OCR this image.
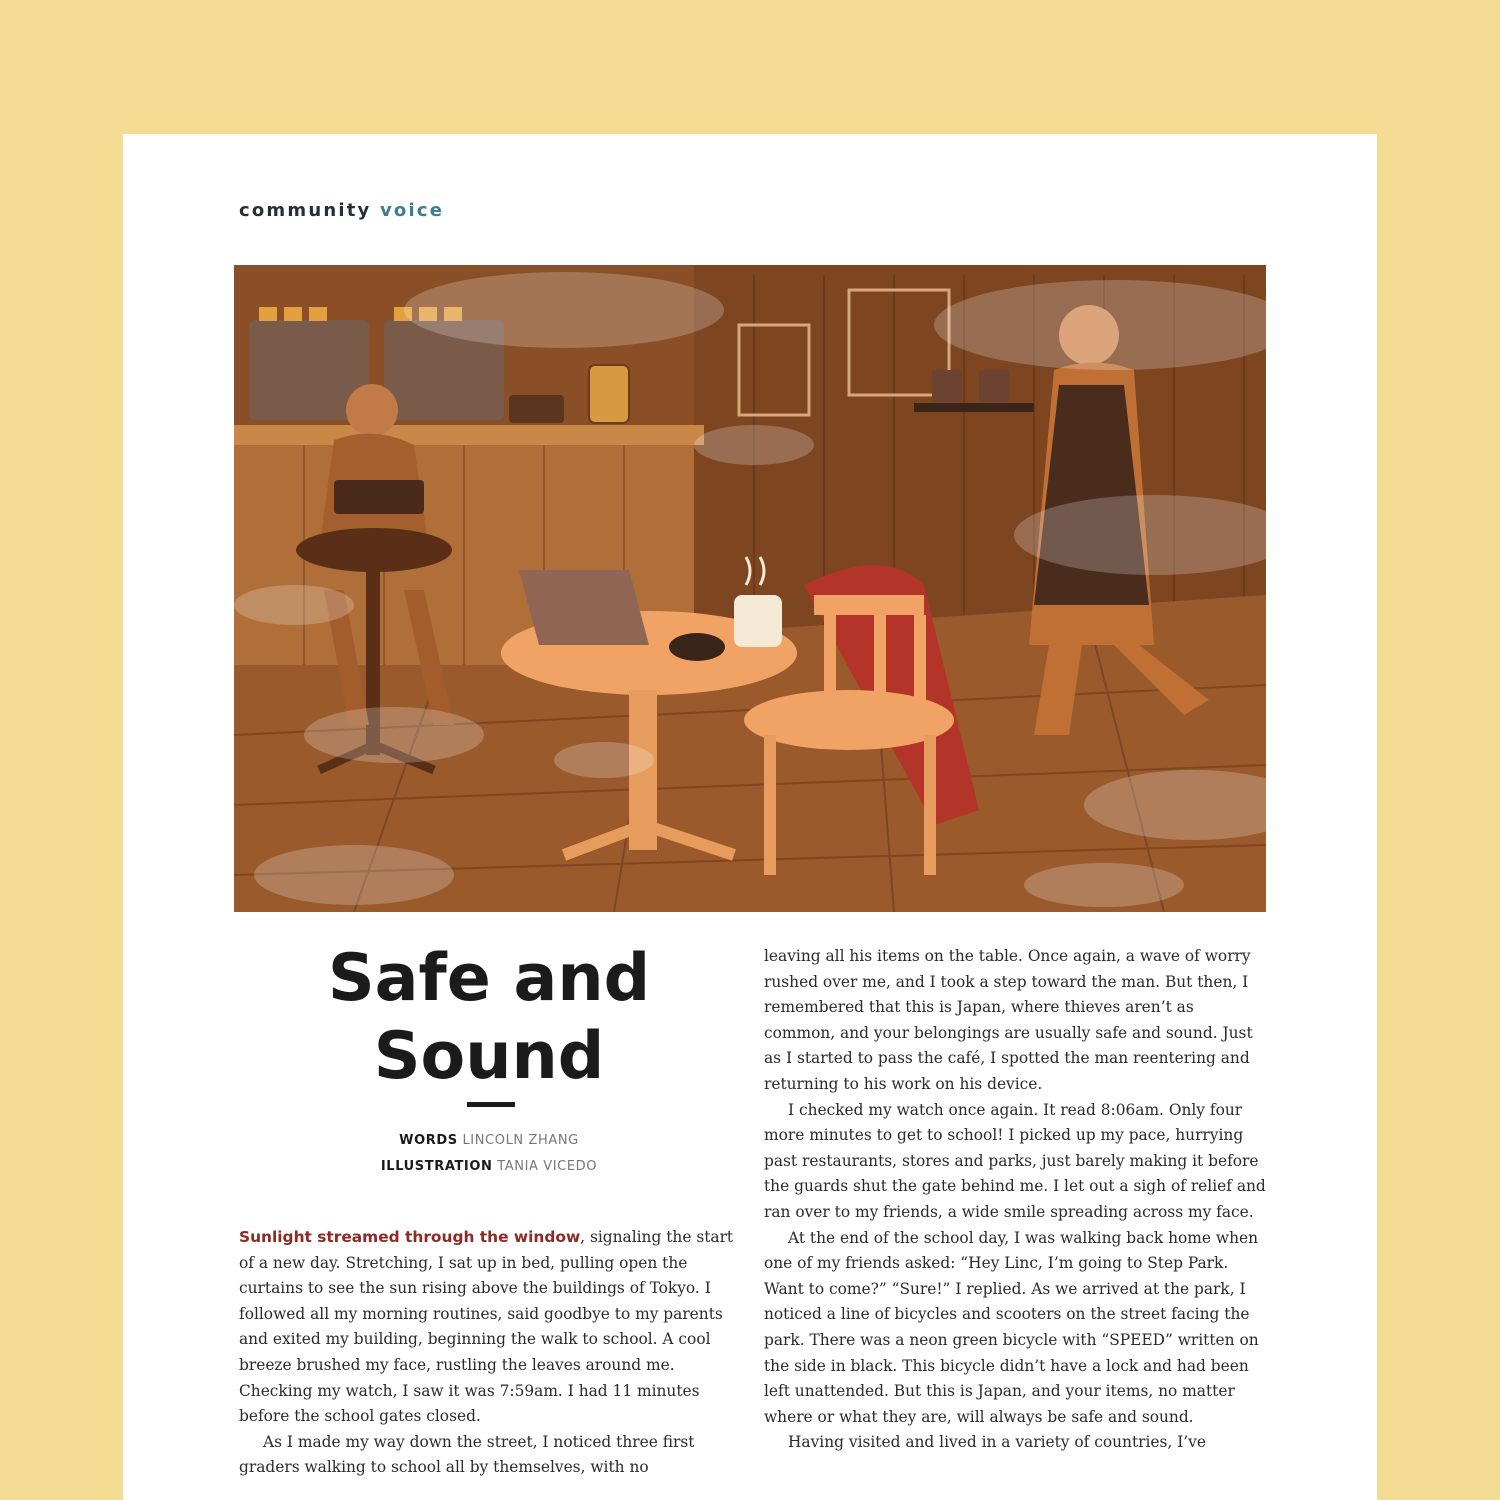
community voice
Safe and
Sound
WORDS LINCOLN ZHANG
ILLUSTRATION TANIA VICEDO

Sunlight streamed through the window, signaling the start of a new day. Stretching, I sat up in bed, pulling open the curtains to see the sun rising above the buildings of Tokyo. I followed all my morning routines, said goodbye to my parents and exited my building, beginning the walk to school. A cool breeze brushed my face, rustling the leaves around me. Checking my watch, I saw it was 7:59am. I had 11 minutes before the school gates closed.

As I made my way down the street, I noticed three first graders walking to school all by themselves, with no

leaving all his items on the table. Once again, a wave of worry rushed over me, and I took a step toward the man. But then, I remembered that this is Japan, where thieves aren’t as common, and your belongings are usually safe and sound. Just as I started to pass the café, I spotted the man reentering and returning to his work on his device.

I checked my watch once again. It read 8:06am. Only four more minutes to get to school! I picked up my pace, hurrying past restaurants, stores and parks, just barely making it before the guards shut the gate behind me. I let out a sigh of relief and ran over to my friends, a wide smile spreading across my face.

At the end of the school day, I was walking back home when one of my friends asked: “Hey Linc, I’m going to Step Park. Want to come?” “Sure!” I replied. As we arrived at the park, I noticed a line of bicycles and scooters on the street facing the park. There was a neon green bicycle with “SPEED” written on the side in black. This bicycle didn’t have a lock and had been left unattended. But this is Japan, and your items, no matter where or what they are, will always be safe and sound.

Having visited and lived in a variety of countries, I’ve
